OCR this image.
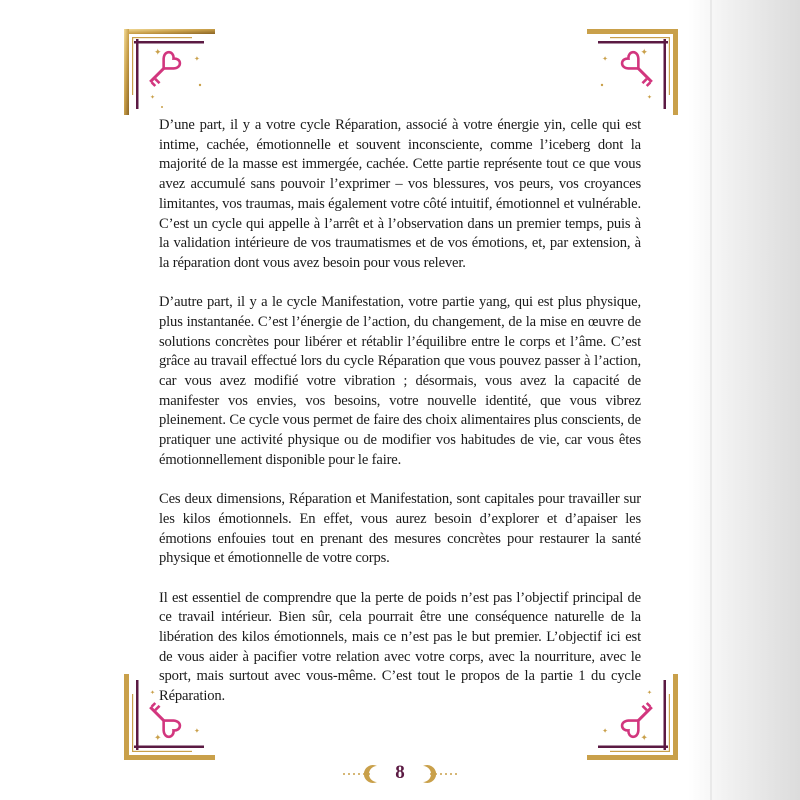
✦
✦
✦
✦
✦
✦
✦
✦
✦
✦
✦
✦

D’une part, il y a votre cycle Réparation, associé à votre énergie yin, celle qui est intime, cachée, émotionnelle et souvent inconsciente, comme l’iceberg dont la majorité de la masse est immergée, cachée. Cette partie représente tout ce que vous avez accumulé sans pouvoir l’exprimer – vos blessures, vos peurs, vos croyances limitantes, vos traumas, mais également votre côté intuitif, émotionnel et vulnérable. C’est un cycle qui appelle à l’arrêt et à l’observation dans un premier temps, puis à la validation intérieure de vos traumatismes et de vos émotions, et, par extension, à la réparation dont vous avez besoin pour vous relever.

D’autre part, il y a le cycle Manifestation, votre partie yang, qui est plus physique, plus instantanée. C’est l’énergie de l’action, du changement, de la mise en œuvre de solutions concrètes pour libérer et rétablir l’équilibre entre le corps et l’âme. C’est grâce au travail effectué lors du cycle Réparation que vous pouvez passer à l’action, car vous avez modifié votre vibration ; désormais, vous avez la capacité de manifester vos envies, vos besoins, votre nouvelle identité, que vous vibrez pleinement. Ce cycle vous permet de faire des choix alimentaires plus conscients, de pratiquer une activité physique ou de modifier vos habitudes de vie, car vous êtes émotionnellement disponible pour le faire.

Ces deux dimensions, Réparation et Manifestation, sont capitales pour travailler sur les kilos émotionnels. En effet, vous aurez besoin d’explorer et d’apaiser les émotions enfouies tout en prenant des mesures concrètes pour restaurer la santé physique et émotionnelle de votre corps.

Il est essentiel de comprendre que la perte de poids n’est pas l’objectif principal de ce travail intérieur. Bien sûr, cela pourrait être une conséquence naturelle de la libération des kilos émotionnels, mais ce n’est pas le but premier. L’objectif ici est de vous aider à pacifier votre relation avec votre corps, avec la nourriture, avec le sport, mais surtout avec vous-même. C’est tout le propos de la partie 1 du cycle Réparation.

8
